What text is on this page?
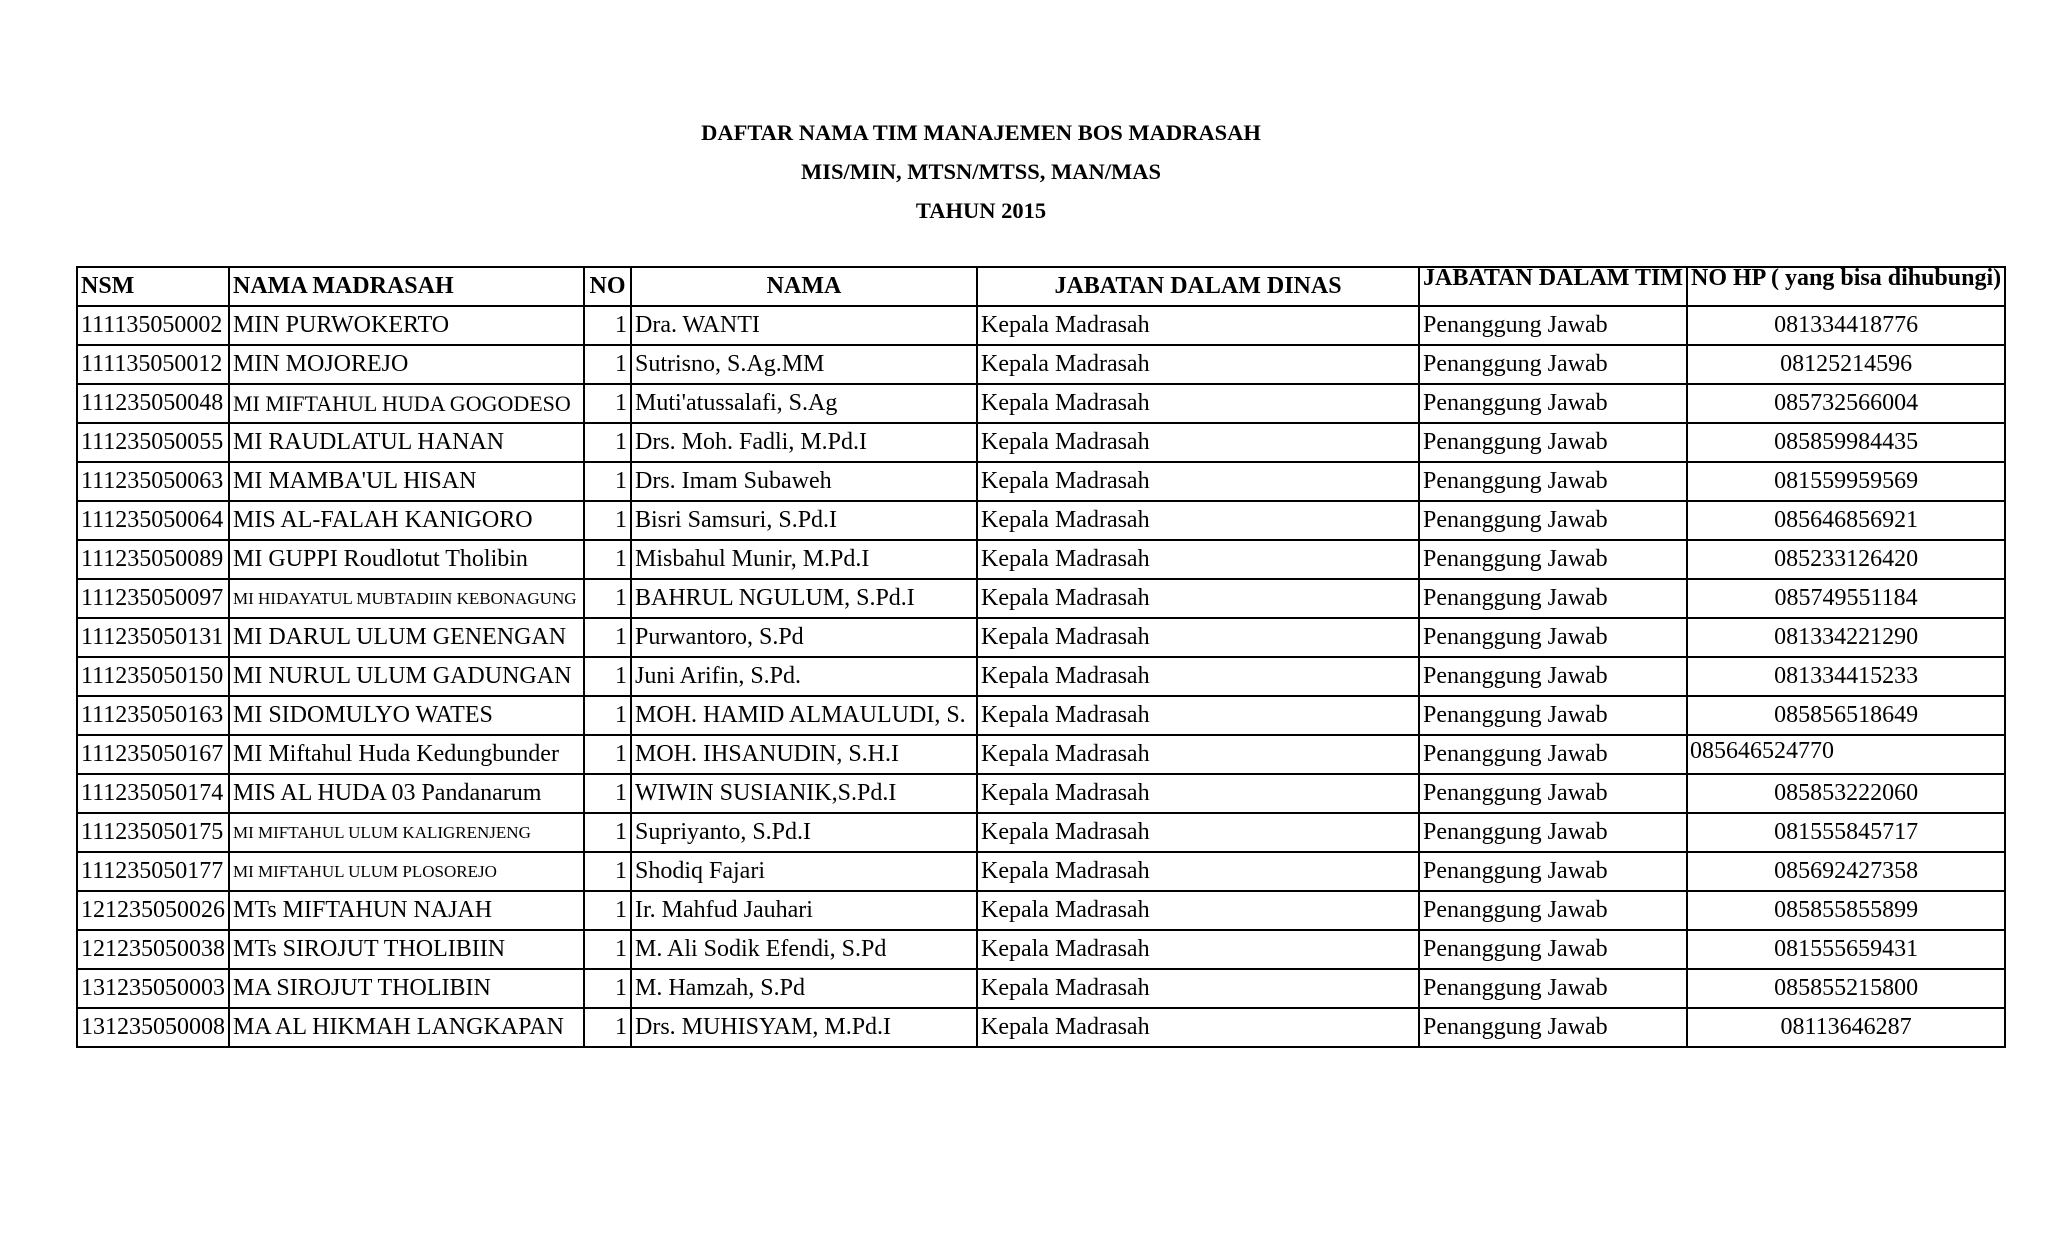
DAFTAR NAMA TIM MANAJEMEN BOS MADRASAH
MIS/MIN, MTSN/MTSS, MAN/MAS
TAHUN 2015
NSM	NAMA MADRASAH	NO	NAMA	JABATAN DALAM DINAS	JABATAN DALAM TIM	NO HP ( yang bisa dihubungi)

111135050002	MIN PURWOKERTO	1	Dra. WANTI	Kepala Madrasah	Penanggung Jawab	081334418776
111135050012	MIN MOJOREJO	1	Sutrisno, S.Ag.MM	Kepala Madrasah	Penanggung Jawab	08125214596
111235050048	MI MIFTAHUL HUDA GOGODESO	1	Muti'atussalafi, S.Ag	Kepala Madrasah	Penanggung Jawab	085732566004
111235050055	MI RAUDLATUL HANAN	1	Drs. Moh. Fadli, M.Pd.I	Kepala Madrasah	Penanggung Jawab	085859984435
111235050063	MI MAMBA'UL HISAN	1	Drs. Imam Subaweh	Kepala Madrasah	Penanggung Jawab	081559959569
111235050064	MIS AL-FALAH KANIGORO	1	Bisri Samsuri, S.Pd.I	Kepala Madrasah	Penanggung Jawab	085646856921
111235050089	MI GUPPI Roudlotut Tholibin	1	Misbahul Munir, M.Pd.I	Kepala Madrasah	Penanggung Jawab	085233126420
111235050097	MI HIDAYATUL MUBTADIIN KEBONAGUNG	1	BAHRUL NGULUM, S.Pd.I	Kepala Madrasah	Penanggung Jawab	085749551184
111235050131	MI DARUL ULUM GENENGAN	1	Purwantoro, S.Pd	Kepala Madrasah	Penanggung Jawab	081334221290
111235050150	MI NURUL ULUM GADUNGAN	1	Juni Arifin, S.Pd.	Kepala Madrasah	Penanggung Jawab	081334415233
111235050163	MI SIDOMULYO WATES	1	MOH. HAMID ALMAULUDI, S.	Kepala Madrasah	Penanggung Jawab	085856518649
111235050167	MI Miftahul Huda Kedungbunder	1	MOH. IHSANUDIN, S.H.I	Kepala Madrasah	Penanggung Jawab	085646524770
111235050174	MIS AL HUDA 03 Pandanarum	1	WIWIN SUSIANIK,S.Pd.I	Kepala Madrasah	Penanggung Jawab	085853222060
111235050175	MI MIFTAHUL ULUM KALIGRENJENG	1	Supriyanto, S.Pd.I	Kepala Madrasah	Penanggung Jawab	081555845717
111235050177	MI MIFTAHUL ULUM PLOSOREJO	1	Shodiq Fajari	Kepala Madrasah	Penanggung Jawab	085692427358
121235050026	MTs MIFTAHUN NAJAH	1	Ir. Mahfud Jauhari	Kepala Madrasah	Penanggung Jawab	085855855899
121235050038	MTs SIROJUT THOLIBIIN	1	M. Ali Sodik Efendi, S.Pd	Kepala Madrasah	Penanggung Jawab	081555659431
131235050003	MA SIROJUT THOLIBIN	1	M. Hamzah, S.Pd	Kepala Madrasah	Penanggung Jawab	085855215800
131235050008	MA AL HIKMAH LANGKAPAN	1	Drs. MUHISYAM, M.Pd.I	Kepala Madrasah	Penanggung Jawab	08113646287
